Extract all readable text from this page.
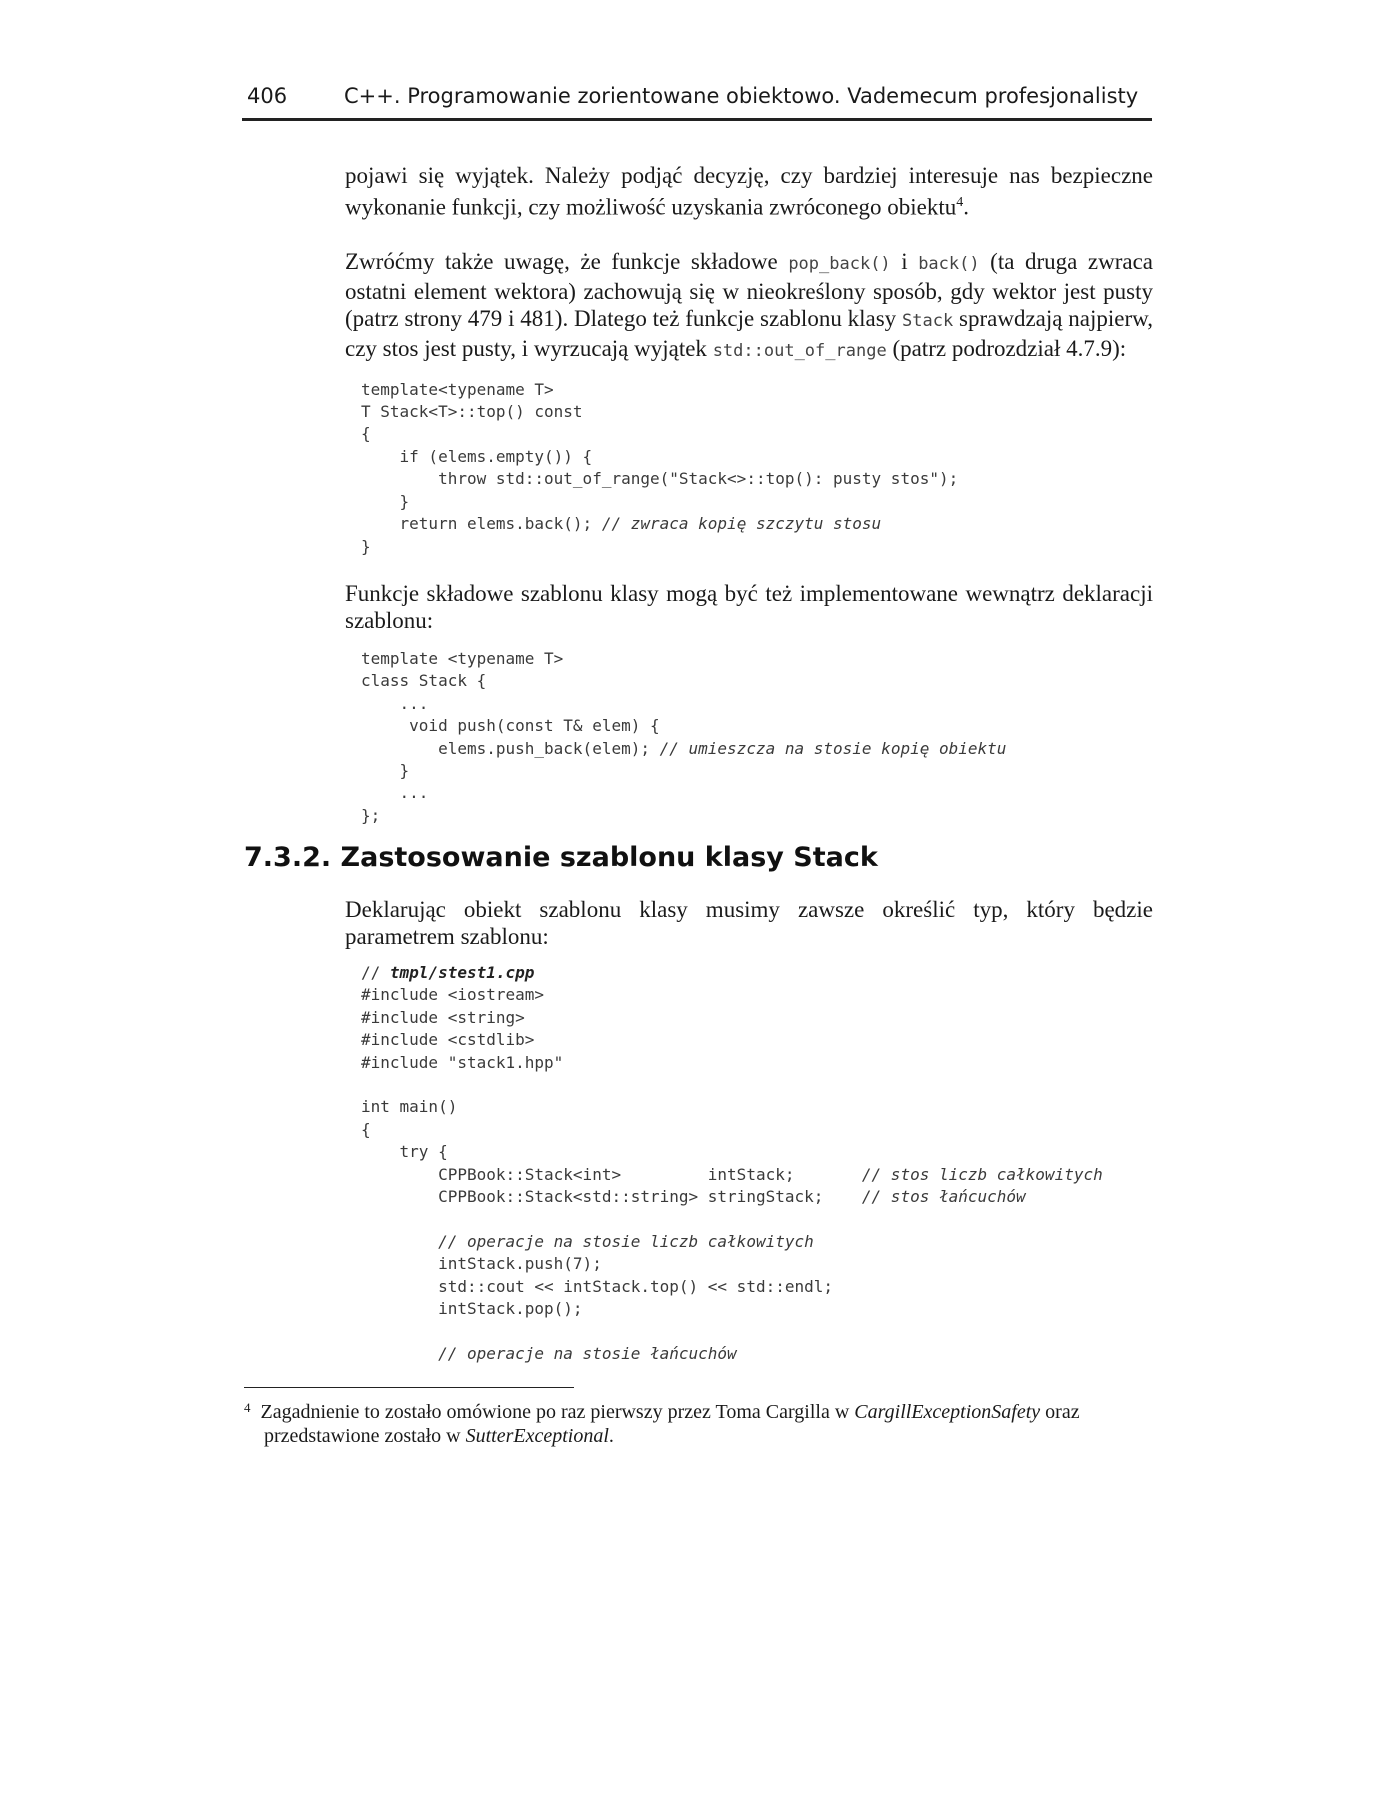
406	C++. Programowanie zorientowane obiektowo. Vademecum profesjonalisty

pojawi się wyjątek. Należy podjąć decyzję, czy bardziej interesuje nas bezpieczne wykonanie funkcji, czy możliwość uzyskania zwróconego obiektu$^4$.

Zwróćmy także uwagę, że funkcje składowe pop_back() i back() (ta druga zwraca ostatni element wektora) zachowują się w nieokreślony sposób, gdy wektor jest pusty (patrz strony 479 i 481). Dlatego też funkcje szablonu klasy Stack sprawdzają najpierw, czy stos jest pusty, i wyrzucają wyjątek std::out_of_range (patrz podrozdział 4.7.9):

template<typename T>
T Stack<T>::top() const
{
if (elems.empty()) {
throw std::out_of_range("Stack<>::top(): pusty stos");
}
return elems.back(); // zwraca kopię szczytu stosu
}

Funkcje składowe szablonu klasy mogą być też implementowane wewnątrz deklaracji szablonu:

template <typename T>
class Stack {
...
void push(const T& elem) {
elems.push_back(elem); // umieszcza na stosie kopię obiektu
}
...
};
7.3.2. Zastosowanie szablonu klasy Stack

Deklarując obiekt szablonu klasy musimy zawsze określić typ, który będzie parametrem szablonu:

// tmpl/stest1.cpp
#include <iostream>
#include <string>
#include <cstdlib>
#include "stack1.hpp"
int main()
{
try {
CPPBook::Stack<int>         intStack;       // stos liczb całkowitych
CPPBook::Stack<std::string> stringStack;    // stos łańcuchów
// operacje na stosie liczb całkowitych
intStack.push(7);
std::cout << intStack.top() << std::endl;
intStack.pop();
// operacje na stosie łańcuchów
$^4$ Zagadnienie to zostało omówione po raz pierwszy przez Toma Cargilla w CargillExceptionSafety oraz
przedstawione zostało w SutterExceptional.
